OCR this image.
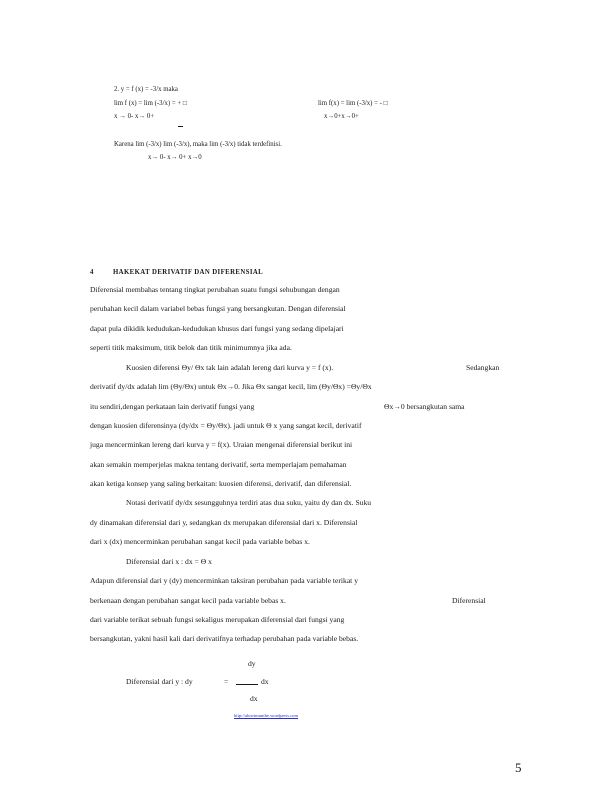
2. y = f (x) = -3/x maka
lim f (x) = lim (-3/x) = + □
x → 0- x→ 0+
lim f(x) = lim (-3/x) = - □
x→0+x→0+
Karena lim (-3/x) lim (-3/x), maka lim (-3/x) tidak terdefinisi.
x→ 0- x→ 0+ x→0
4	HAKEKAT DERIVATIF DAN DIFERENSIAL
Diferensial membahas tentang tingkat perubahan suatu fungsi sehubungan dengan
perubahan kecil dalam variabel bebas fungsi yang bersangkutan. Dengan diferensial
dapat pula dikidik kedudukan-kedudukan khusus dari fungsi yang sedang dipelajari
seperti titik maksimum, titik belok dan titik minimumnya jika ada.
Kuosien diferensi Θy/ Θx tak lain adalah lereng dari kurva y = f (x).	Sedangkan
derivatif dy/dx adalah lim (Θy/Θx) untuk Θx→0. Jika Θx sangat kecil, lim (Θy/Θx) =Θy/Θx
itu sendiri,dengan perkataan lain derivatif fungsi yang	Θx→0 bersangkutan sama
dengan kuosien diferensinya (dy/dx = Θy/Θx). jadi untuk Θ x yang sangat kecil, derivatif
juga mencerminkan lereng dari kurva y = f(x). Uraian mengenai diferensial berikut ini
akan semakin memperjelas makna tentang derivatif, serta memperlajam pemahaman
akan ketiga konsep yang saling berkaitan: kuosien diferensi, derivatif, dan diferensial.
Notasi derivatif dy/dx sesungguhnya terdiri atas dua suku, yaitu dy dan dx. Suku
dy dinamakan diferensial dari y, sedangkan dx merupakan diferensial dari x. Diferensial
dari x (dx) mencerminkan perubahan sangat kecil pada variable bebas x.
Diferensial dari x : dx = Θ x
Adapun diferensial dari y (dy) mencerminkan taksiran perubahan pada variable terikat y
berkenaan dengan perubahan sangat kecil pada variable bebas x.	Diferensial
dari variable terikat sebuah fungsi sekaligus merupakan diferensial dari fungsi yang
bersangkutan, yakni hasil kali dari derivatifnya terhadap perubahan pada variable bebas.
dy
Diferensial dari y : dy	=	dx
dx
http://aluwimunthe.wordpress.com
5
